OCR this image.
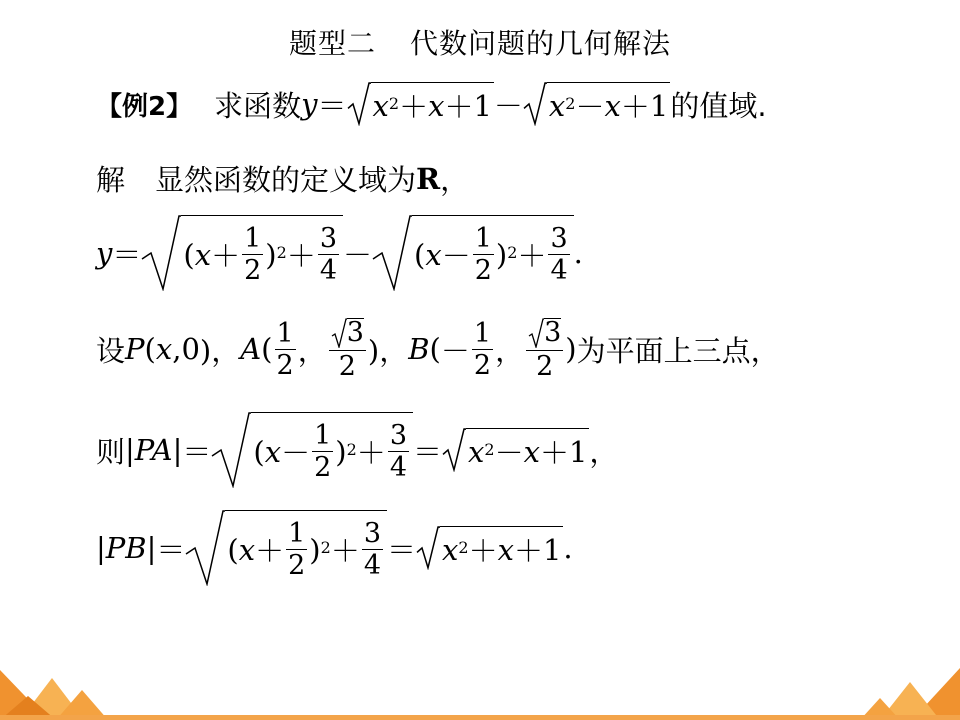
题型二 代数问题的几何解法
【例2】 求函数 $y = x^2 + x + 1 - x^2 - x + 1$ 的值域.
解 显然函数的定义域为 R ，
y ＝ ( $x + \frac{1}{2} )^2 + \frac{3}{4}$ － ( $x - \frac{1}{2} )^2 + \frac{3}{4}$ .
设 P ( x , 0 )， A ( $\frac{1}{2}$ ， $\frac{3}{2}$ )， B ( － $\frac{1}{2}$ ， $\frac{3}{2}$ ) 为平面上三点，
则 | PA | ＝ ( $x - \frac{1}{2} )^2 + \frac{3}{4} = x^2 - x + 1$ ，
| PB | ＝ ( $x + \frac{1}{2} )^2 + \frac{3}{4} = x^2 + x + 1$ .
